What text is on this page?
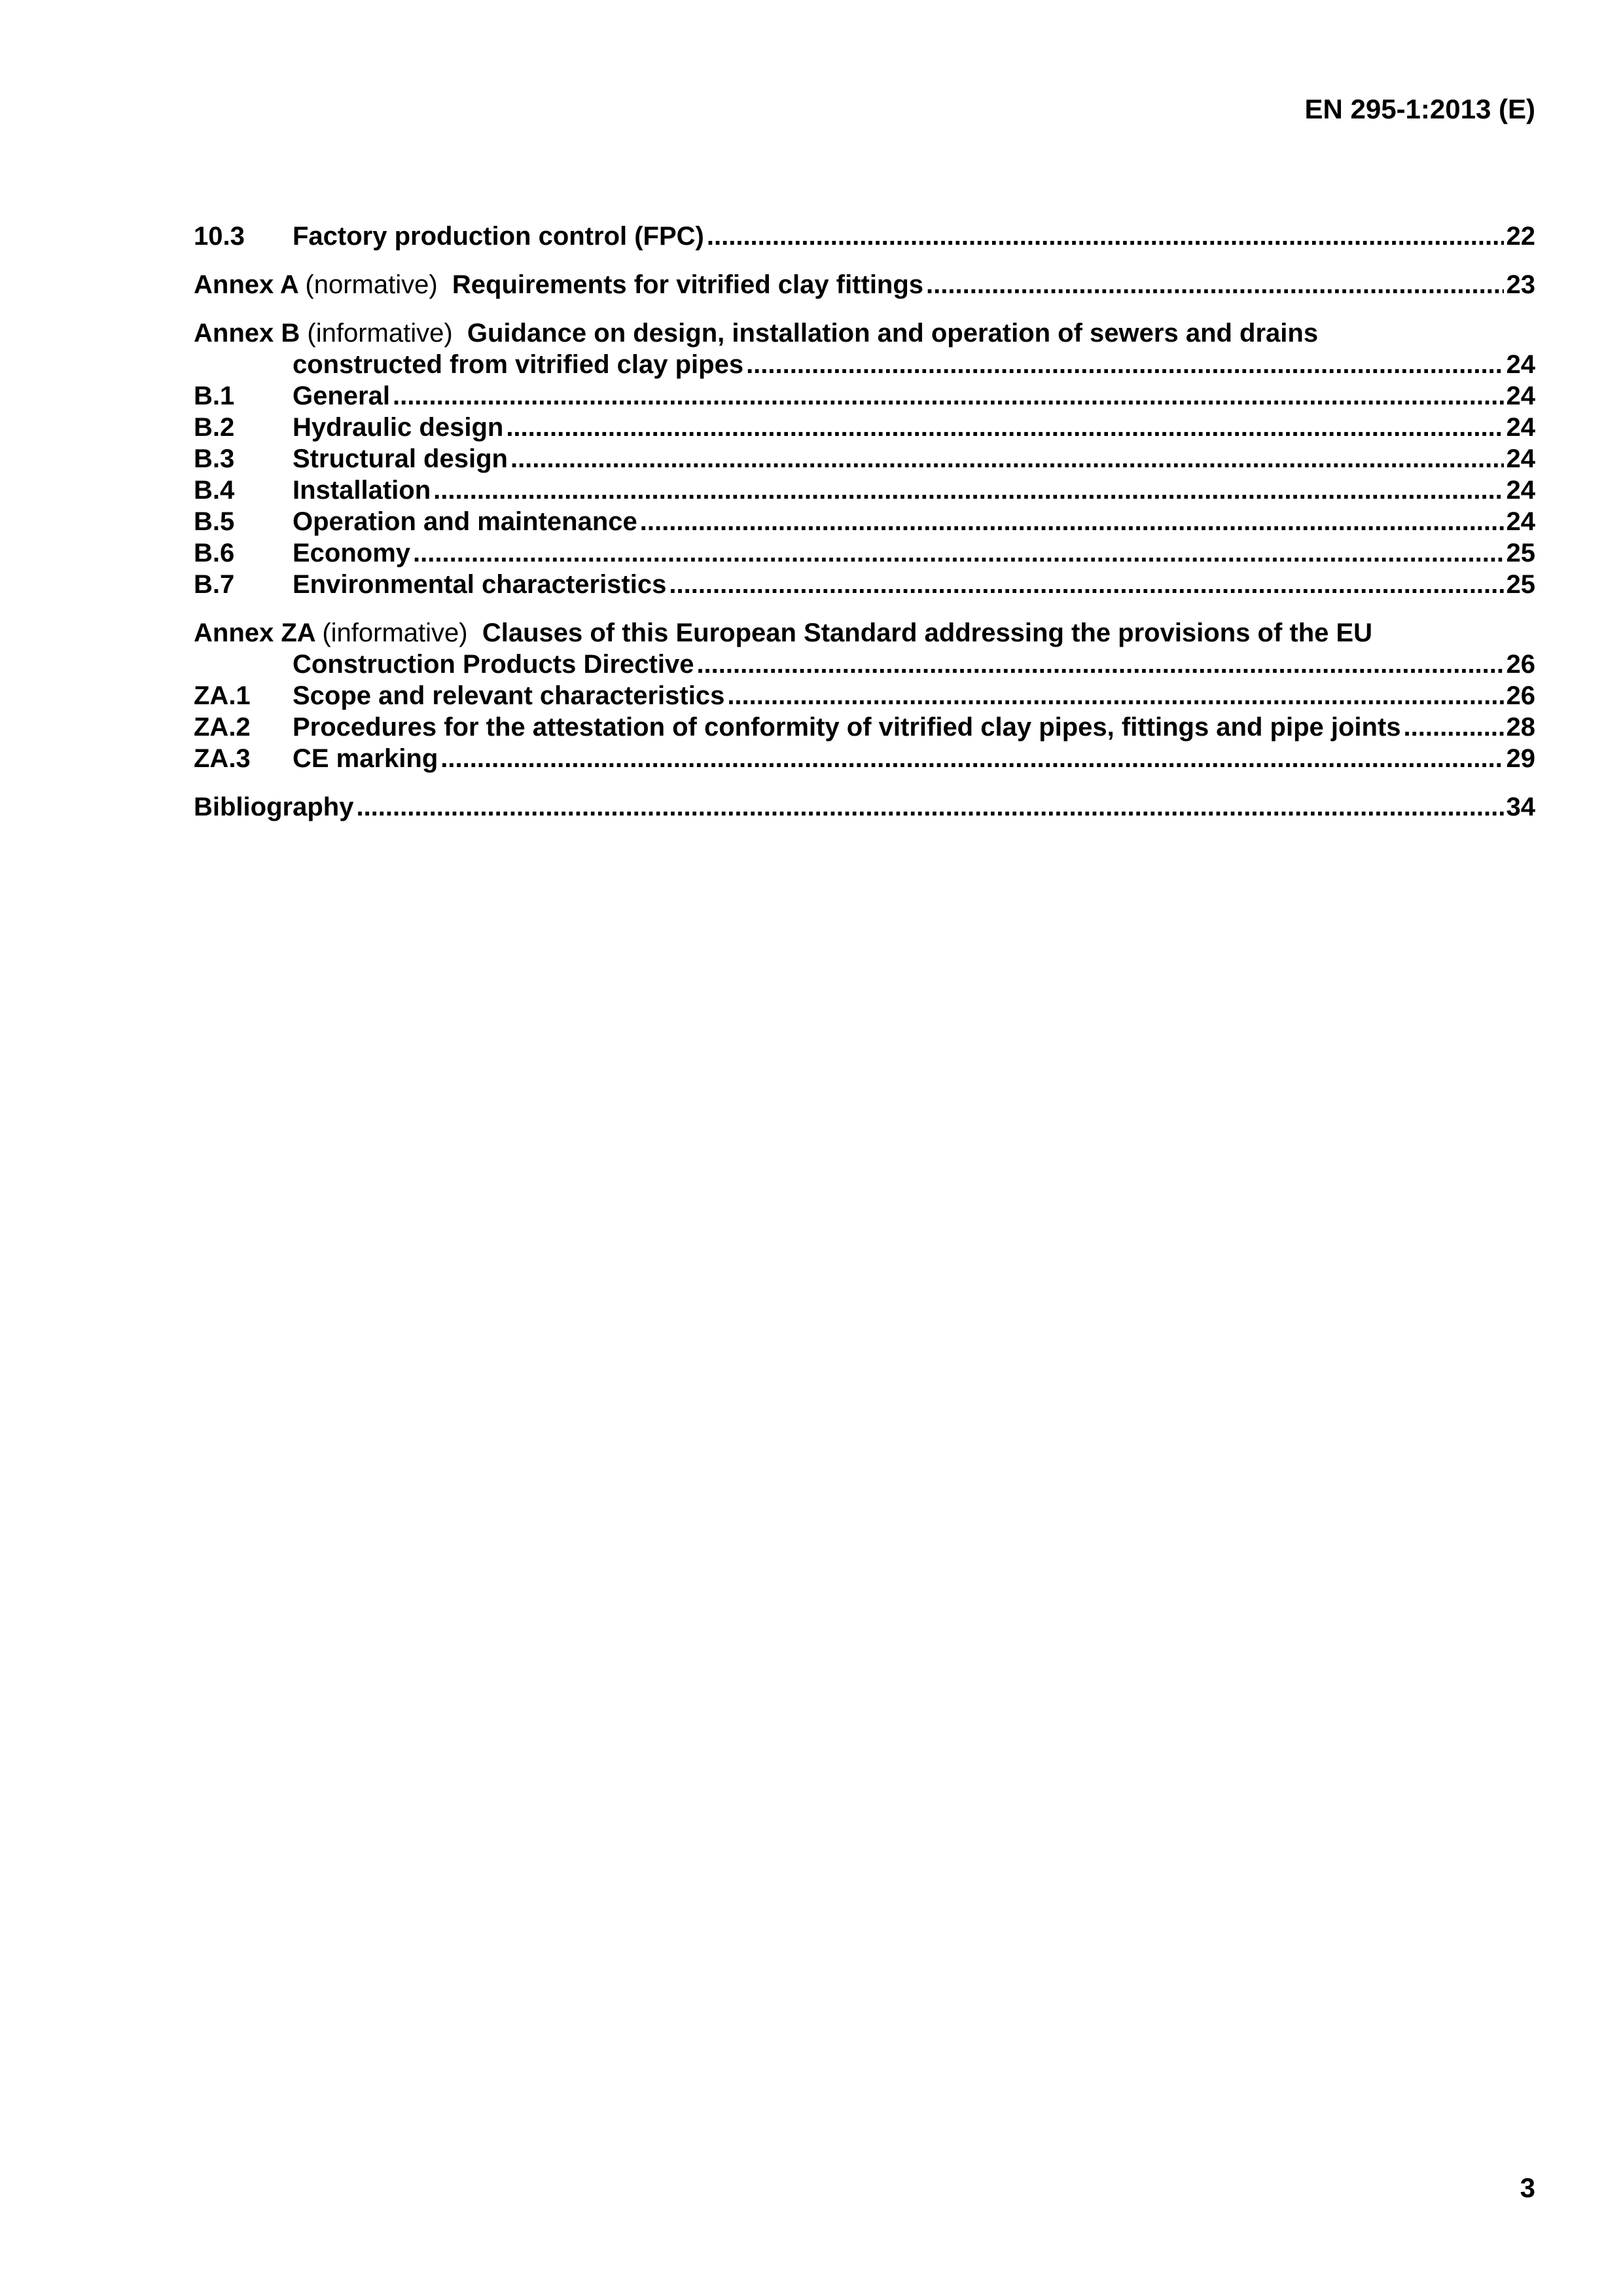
EN 295-1:2013 (E)
10.3	Factory production control (FPC) .....	22
Annex A (normative) Requirements for vitrified clay fittings .....	23
Annex B (informative) Guidance on design, installation and operation of sewers and drains
constructed from vitrified clay pipes .....	24
B.1	General .....	24
B.2	Hydraulic design .....	24
B.3	Structural design .....	24
B.4	Installation .....	24
B.5	Operation and maintenance .....	24
B.6	Economy .....	25
B.7	Environmental characteristics .....	25
Annex ZA (informative) Clauses of this European Standard addressing the provisions of the EU
Construction Products Directive .....	26
ZA.1	Scope and relevant characteristics .....	26
ZA.2	Procedures for the attestation of conformity of vitrified clay pipes, fittings and pipe joints .....	28
ZA.3	CE marking .....	29
Bibliography .....	34
3
